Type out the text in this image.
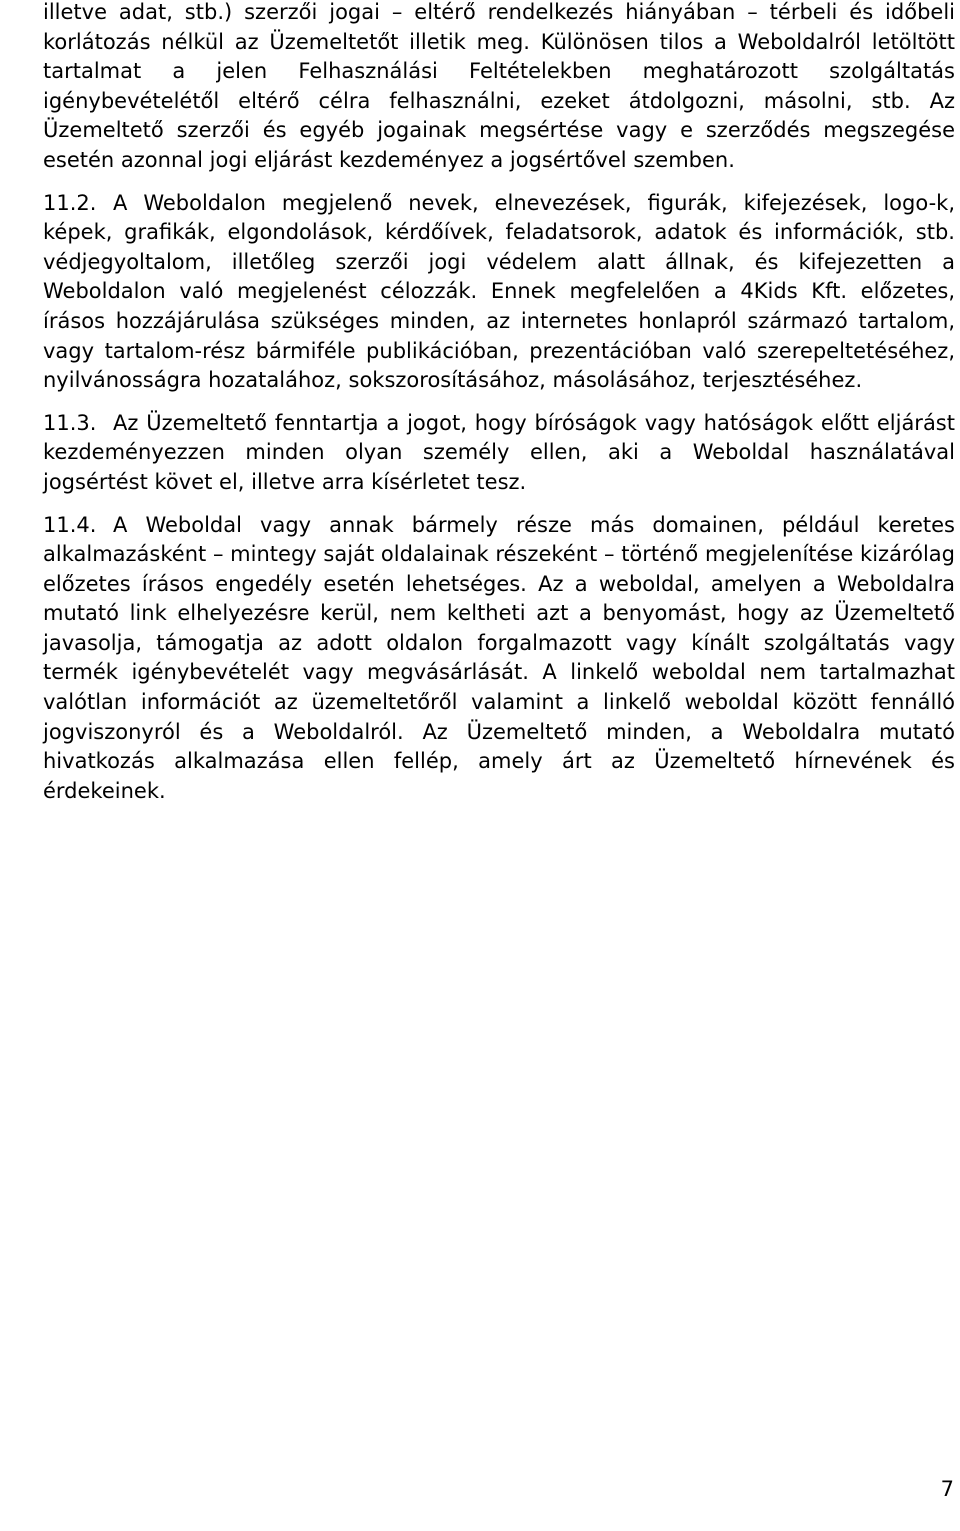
illetve adat, stb.) szerzői jogai – eltérő rendelkezés hiányában – térbeli és időbeli korlátozás nélkül az Üzemeltetőt illetik meg. Különösen tilos a Weboldalról letöltött tartalmat a jelen Felhasználási Feltételekben meghatározott szolgáltatás igénybevételétől eltérő célra felhasználni, ezeket átdolgozni, másolni, stb. Az Üzemeltető szerzői és egyéb jogainak megsértése vagy e szerződés megszegése esetén azonnal jogi eljárást kezdeményez a jogsértővel szemben.

11.2. A Weboldalon megjelenő nevek, elnevezések, figurák, kifejezések, logo-k, képek, grafikák, elgondolások, kérdőívek, feladatsorok, adatok és információk, stb. védjegyoltalom, illetőleg szerzői jogi védelem alatt állnak, és kifejezetten a Weboldalon való megjelenést célozzák. Ennek megfelelően a 4Kids Kft. előzetes, írásos hozzájárulása szükséges minden, az internetes honlapról származó tartalom, vagy tartalom-rész bármiféle publikációban, prezentációban való szerepeltetéséhez, nyilvánosságra hozatalához, sokszorosításához, másolásához, terjesztéséhez.

11.3. Az Üzemeltető fenntartja a jogot, hogy bíróságok vagy hatóságok előtt eljárást kezdeményezzen minden olyan személy ellen, aki a Weboldal használatával jogsértést követ el, illetve arra kísérletet tesz.

11.4. A Weboldal vagy annak bármely része más domainen, például keretes alkalmazásként – mintegy saját oldalainak részeként – történő megjelenítése kizárólag előzetes írásos engedély esetén lehetséges. Az a weboldal, amelyen a Weboldalra mutató link elhelyezésre kerül, nem keltheti azt a benyomást, hogy az Üzemeltető javasolja, támogatja az adott oldalon forgalmazott vagy kínált szolgáltatás vagy termék igénybevételét vagy megvásárlását. A linkelő weboldal nem tartalmazhat valótlan információt az üzemeltetőről valamint a linkelő weboldal között fennálló jogviszonyról és a Weboldalról. Az Üzemeltető minden, a Weboldalra mutató hivatkozás alkalmazása ellen fellép, amely árt az Üzemeltető hírnevének és érdekeinek.

7
